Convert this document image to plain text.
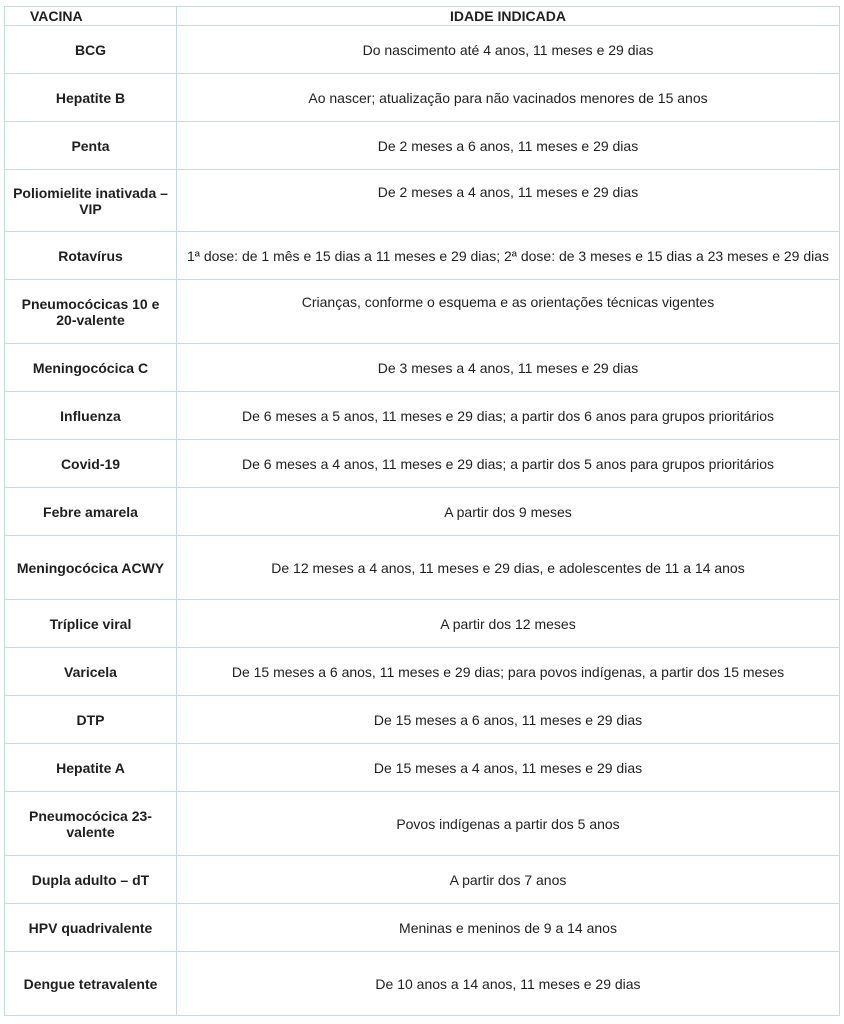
VACINA	IDADE INDICADA
BCG	Do nascimento até 4 anos, 11 meses e 29 dias
Hepatite B	Ao nascer; atualização para não vacinados menores de 15 anos
Penta	De 2 meses a 6 anos, 11 meses e 29 dias
Poliomielite inativada – VIP	De 2 meses a 4 anos, 11 meses e 29 dias
Rotavírus	1ª dose: de 1 mês e 15 dias a 11 meses e 29 dias; 2ª dose: de 3 meses e 15 dias a 23 meses e 29 dias
Pneumocócicas 10 e 20-valente	Crianças, conforme o esquema e as orientações técnicas vigentes
Meningocócica C	De 3 meses a 4 anos, 11 meses e 29 dias
Influenza	De 6 meses a 5 anos, 11 meses e 29 dias; a partir dos 6 anos para grupos prioritários
Covid-19	De 6 meses a 4 anos, 11 meses e 29 dias; a partir dos 5 anos para grupos prioritários
Febre amarela	A partir dos 9 meses
Meningocócica ACWY	De 12 meses a 4 anos, 11 meses e 29 dias, e adolescentes de 11 a 14 anos
Tríplice viral	A partir dos 12 meses
Varicela	De 15 meses a 6 anos, 11 meses e 29 dias; para povos indígenas, a partir dos 15 meses
DTP	De 15 meses a 6 anos, 11 meses e 29 dias
Hepatite A	De 15 meses a 4 anos, 11 meses e 29 dias
Pneumocócica 23-valente	Povos indígenas a partir dos 5 anos
Dupla adulto – dT	A partir dos 7 anos
HPV quadrivalente	Meninas e meninos de 9 a 14 anos
Dengue tetravalente	De 10 anos a 14 anos, 11 meses e 29 dias
